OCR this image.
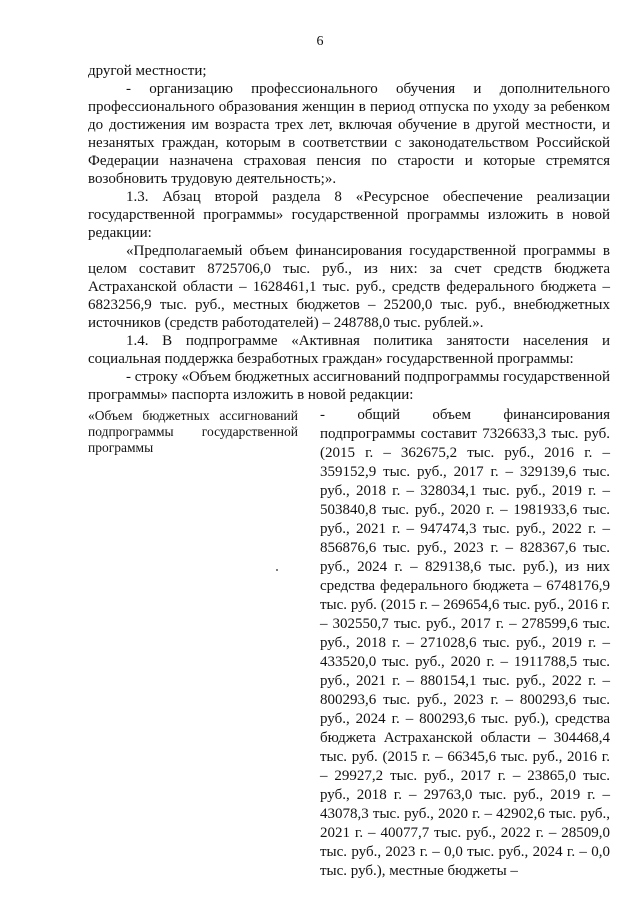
6

другой местности;

- организацию профессионального обучения и дополнительного профессионального образования женщин в период отпуска по уходу за ребенком до достижения им возраста трех лет, включая обучение в другой местности, и незанятых граждан, которым в соответствии с законодательством Российской Федерации назначена страховая пенсия по старости и которые стремятся возобновить трудовую деятельность;».

1.3. Абзац второй раздела 8 «Ресурсное обеспечение реализации государственной программы» государственной программы изложить в новой редакции:

«Предполагаемый объем финансирования государственной программы в целом составит 8725706,0 тыс. руб., из них: за счет средств бюджета Астраханской области – 1628461,1 тыс. руб., средств федерального бюджета – 6823256,9 тыс. руб., местных бюджетов – 25200,0 тыс. руб., внебюджетных источников (средств работодателей) – 248788,0 тыс. рублей.».

1.4. В подпрограмме «Активная политика занятости населения и социальная поддержка безработных граждан» государственной программы:

- строку «Объем бюджетных ассигнований подпрограммы государственной программы» паспорта изложить в новой редакции:

«Объем бюджетных ассигнований подпрограммы государственной программы
- общий объем финансирования подпрограммы составит 7326633,3 тыс. руб. (2015 г. – 362675,2 тыс. руб., 2016 г. – 359152,9 тыс. руб., 2017 г. – 329139,6 тыс. руб., 2018 г. – 328034,1 тыс. руб., 2019 г. – 503840,8 тыс. руб., 2020 г. – 1981933,6 тыс. руб., 2021 г. – 947474,3 тыс. руб., 2022 г. – 856876,6 тыс. руб., 2023 г. – 828367,6 тыс. руб., 2024 г. – 829138,6 тыс. руб.), из них средства федерального бюджета – 6748176,9 тыс. руб. (2015 г. – 269654,6 тыс. руб., 2016 г. – 302550,7 тыс. руб., 2017 г. – 278599,6 тыс. руб., 2018 г. – 271028,6 тыс. руб., 2019 г. – 433520,0 тыс. руб., 2020 г. – 1911788,5 тыс. руб., 2021 г. – 880154,1 тыс. руб., 2022 г. – 800293,6 тыс. руб., 2023 г. – 800293,6 тыс. руб., 2024 г. – 800293,6 тыс. руб.), средства бюджета Астраханской области – 304468,4 тыс. руб. (2015 г. – 66345,6 тыс. руб., 2016 г. – 29927,2 тыс. руб., 2017 г. – 23865,0 тыс. руб., 2018 г. – 29763,0 тыс. руб., 2019 г. – 43078,3 тыс. руб., 2020 г. – 42902,6 тыс. руб., 2021 г. – 40077,7 тыс. руб., 2022 г. – 28509,0 тыс. руб., 2023 г. – 0,0 тыс. руб., 2024 г. – 0,0 тыс. руб.), местные бюджеты –
